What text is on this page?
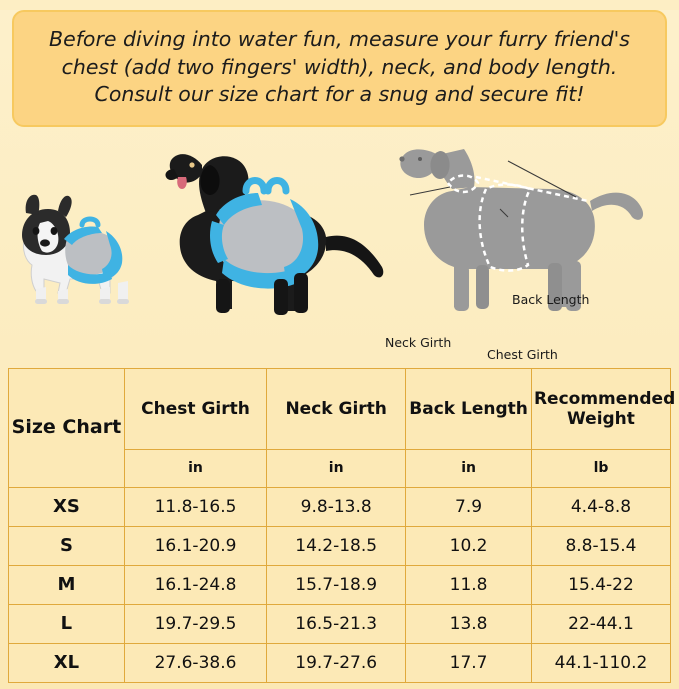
Before diving into water fun, measure your furry friend's chest (add two fingers' width), neck, and body length. Consult our size chart for a snug and secure fit!
Back Length
Neck Girth
Chest Girth
Size Chart	Chest Girth	Neck Girth	Back Length	Recommended Weight
	in	in	in	lb
XS	11.8-16.5	9.8-13.8	7.9	4.4-8.8
S	16.1-20.9	14.2-18.5	10.2	8.8-15.4
M	16.1-24.8	15.7-18.9	11.8	15.4-22
L	19.7-29.5	16.5-21.3	13.8	22-44.1
XL	27.6-38.6	19.7-27.6	17.7	44.1-110.2
